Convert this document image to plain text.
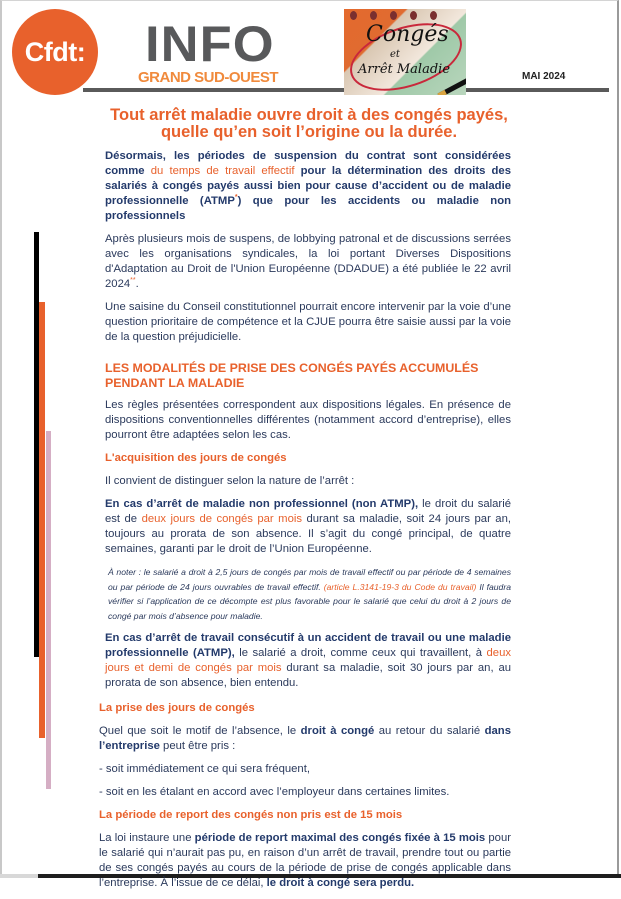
Cfdt: INFO
GRAND SUD-OUEST	MAI 2024
Congés
et
Arrêt Maladie
Tout arrêt maladie ouvre droit à des congés payés,
quelle qu’en soit l’origine ou la durée.

Désormais, les périodes de suspension du contrat sont considérées comme du temps de travail effectif pour la détermination des droits des salariés à congés payés aussi bien pour cause d’accident ou de maladie professionnelle (ATMP*) que pour les accidents ou maladie non professionnels

Après plusieurs mois de suspens, de lobbying patronal et de discussions serrées avec les organisations syndicales, la loi portant Diverses Dispositions d'Adaptation au Droit de l'Union Européenne (DDADUE) a été publiée le 22 avril 2024**.

Une saisine du Conseil constitutionnel pourrait encore intervenir par la voie d’une question prioritaire de compétence et la CJUE pourra être saisie aussi par la voie de la question préjudicielle.

LES MODALITÉS DE PRISE DES CONGÉS PAYÉS ACCUMULÉS PENDANT LA MALADIE

Les règles présentées correspondent aux dispositions légales. En présence de dispositions conventionnelles différentes (notamment accord d’entreprise), elles pourront être adaptées selon les cas.

L'acquisition des jours de congés

Il convient de distinguer selon la nature de l’arrêt :

En cas d’arrêt de maladie non professionnel (non ATMP), le droit du salarié est de deux jours de congés par mois durant sa maladie, soit 24 jours par an, toujours au prorata de son absence. Il s’agit du congé principal, de quatre semaines, garanti par le droit de l’Union Européenne.

À noter : le salarié a droit à 2,5 jours de congés par mois de travail effectif ou par période de 4 semaines ou par période de 24 jours ouvrables de travail effectif. (article L.3141-19-3 du Code du travail) Il faudra vérifier si l’application de ce décompte est plus favorable pour le salarié que celui du droit à 2 jours de congé par mois d’absence pour maladie.

En cas d’arrêt de travail consécutif à un accident de travail ou une maladie professionnelle (ATMP), le salarié a droit, comme ceux qui travaillent, à deux jours et demi de congés par mois durant sa maladie, soit 30 jours par an, au prorata de son absence, bien entendu.

La prise des jours de congés

Quel que soit le motif de l’absence, le droit à congé au retour du salarié dans l’entreprise peut être pris :

- soit immédiatement ce qui sera fréquent,

- soit en les étalant en accord avec l’employeur dans certaines limites.

La période de report des congés non pris est de 15 mois

La loi instaure une période de report maximal des congés fixée à 15 mois pour le salarié qui n’aurait pas pu, en raison d’un arrêt de travail, prendre tout ou partie de ses congés payés au cours de la période de prise de congés applicable dans l’entreprise. À l’issue de ce délai, le droit à congé sera perdu.
